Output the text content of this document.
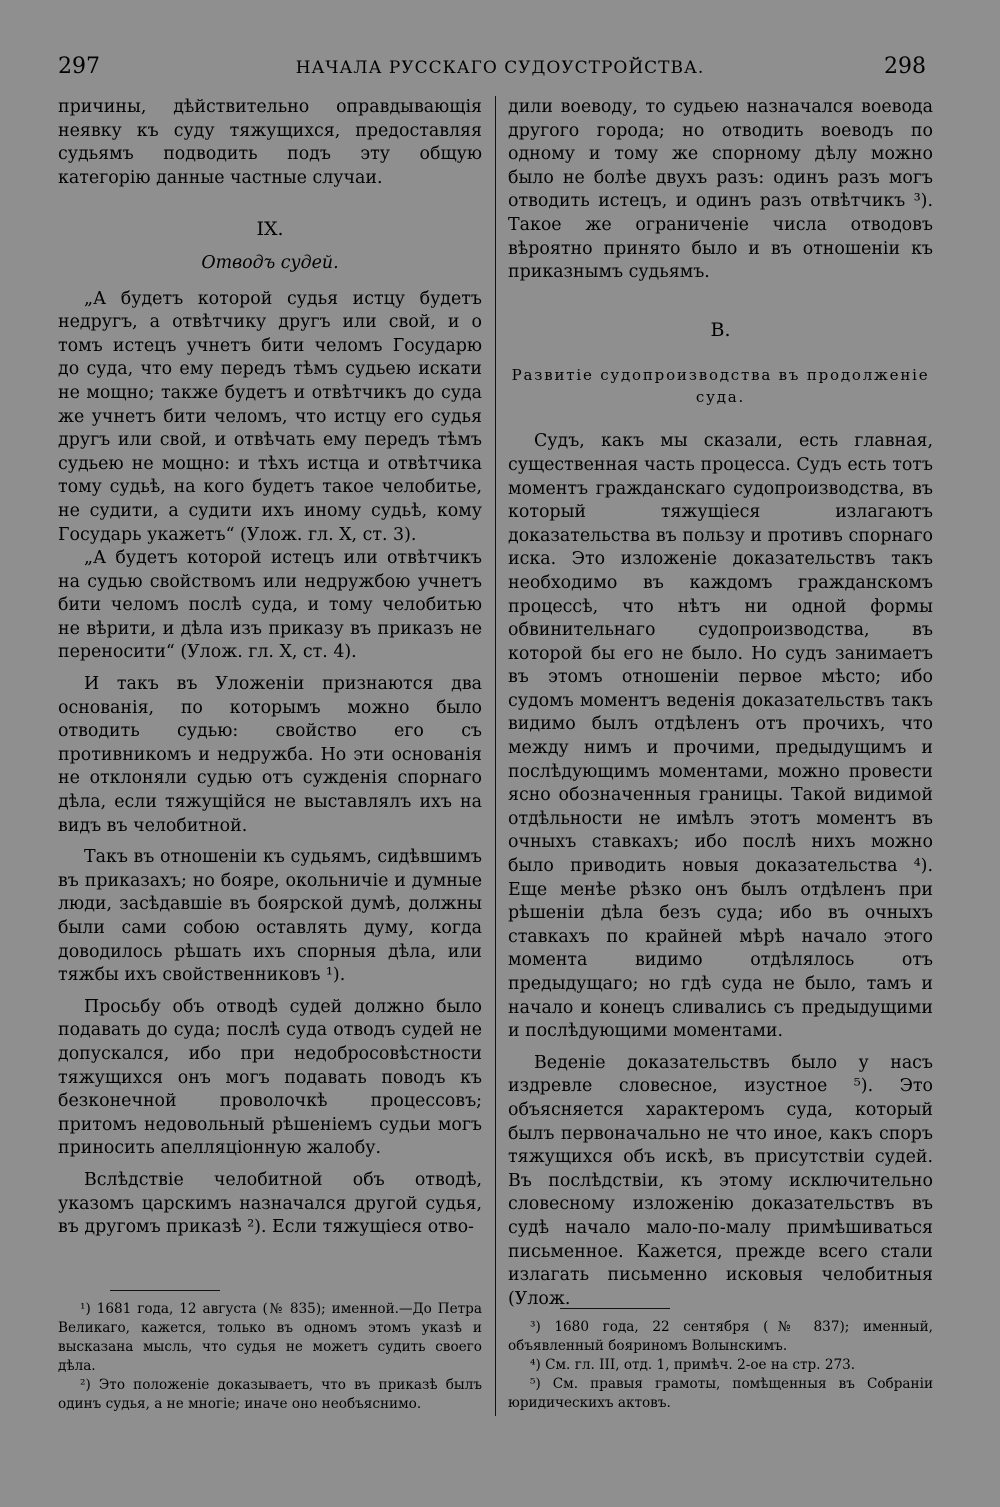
297	НАЧАЛА РУССКАГО СУДОУСТРОЙСТВА.	298

причины, дѣйствительно оправдывающія неявку къ суду тяжущихся, предоставляя судьямъ подводить подъ эту общую категорію данные частные случаи.

IX.
Отводъ судей.

„А будетъ которой судья истцу будетъ недругъ, а отвѣтчику другъ или свой, и о томъ истецъ учнетъ бити челомъ Государю до суда, что ему передъ тѣмъ судьею искати не мощно; также будетъ и отвѣтчикъ до суда же учнетъ бити челомъ, что истцу его судья другъ или свой, и отвѣчать ему передъ тѣмъ судьею не мощно: и тѣхъ истца и отвѣтчика тому судьѣ, на кого будетъ такое челобитье, не судити, а судити ихъ иному судьѣ, кому Государь укажетъ“ (Улож. гл. X, ст. 3).

„А будетъ которой истецъ или отвѣтчикъ на судью свойствомъ или недружбою учнетъ бити челомъ послѣ суда, и тому челобитью не вѣрити, и дѣла изъ приказу въ приказъ не переносити“ (Улож. гл. X, ст. 4).

И такъ въ Уложеніи признаются два основанія, по которымъ можно было отводить судью: свойство его съ противникомъ и недружба. Но эти основанія не отклоняли судью отъ сужденія спорнаго дѣла, если тяжущійся не выставлялъ ихъ на видъ въ челобитной.

Такъ въ отношеніи къ судьямъ, сидѣвшимъ въ приказахъ; но бояре, окольничіе и думные люди, засѣдавшіе въ боярской думѣ, должны были сами собою оставлять думу, когда доводилось рѣшать ихъ спорныя дѣла, или тяжбы ихъ свойственниковъ ¹).

Просьбу объ отводѣ судей должно было подавать до суда; послѣ суда отводъ судей не допускался, ибо при недобросовѣстности тяжущихся онъ могъ подавать поводъ къ безконечной проволочкѣ процессовъ; притомъ недовольный рѣшеніемъ судьи могъ приносить апелляціонную жалобу.

Вслѣдствіе челобитной объ отводѣ, указомъ царскимъ назначался другой судья, въ другомъ приказѣ ²). Если тяжущіеся отво-

дили воеводу, то судьею назначался воевода другого города; но отводить воеводъ по одному и тому же спорному дѣлу можно было не болѣе двухъ разъ: одинъ разъ могъ отводить истецъ, и одинъ разъ отвѣтчикъ ³). Такое же ограниченіе числа отводовъ вѣроятно принято было и въ отношеніи къ приказнымъ судьямъ.

B.
Развитіе судопроизводства въ продолженіе суда.

Судъ, какъ мы сказали, есть главная, существенная часть процесса. Судъ есть тотъ моментъ гражданскаго судопроизводства, въ который тяжущіеся излагаютъ доказательства въ пользу и противъ спорнаго иска. Это изложеніе доказательствъ такъ необходимо въ каждомъ гражданскомъ процессѣ, что нѣтъ ни одной формы обвинительнаго судопроизводства, въ которой бы его не было. Но судъ занимаетъ въ этомъ отношеніи первое мѣсто; ибо судомъ моментъ веденія доказательствъ такъ видимо былъ отдѣленъ отъ прочихъ, что между нимъ и прочими, предыдущимъ и послѣдующимъ моментами, можно провести ясно обозначенныя границы. Такой видимой отдѣльности не имѣлъ этотъ моментъ въ очныхъ ставкахъ; ибо послѣ нихъ можно было приводить новыя доказательства ⁴). Еще менѣе рѣзко онъ былъ отдѣленъ при рѣшеніи дѣла безъ суда; ибо въ очныхъ ставкахъ по крайней мѣрѣ начало этого момента видимо отдѣлялось отъ предыдущаго; но гдѣ суда не было, тамъ и начало и конецъ сливались съ предыдущими и послѣдующими моментами.

Веденіе доказательствъ было у насъ издревле словесное, изустное ⁵). Это объясняется характеромъ суда, который былъ первоначально не что иное, какъ споръ тяжущихся объ искѣ, въ присутствіи судей. Въ послѣдствіи, къ этому исключительно словесному изложенію доказательствъ въ судѣ начало мало-по-малу примѣшиваться письменное. Кажется, прежде всего стали излагать письменно исковыя челобитныя (Улож.

¹) 1681 года, 12 августа (№ 835); именной.—До Петра Великаго, кажется, только въ одномъ этомъ указѣ и высказана мысль, что судья не можетъ судить своего дѣла.

²) Это положеніе доказываетъ, что въ приказѣ былъ одинъ судья, а не многіе; иначе оно необъяснимо.

³) 1680 года, 22 сентября (№ 837); именный, объявленный бояриномъ Волынскимъ.

⁴) См. гл. III, отд. 1, примѣч. 2-ое на стр. 273.

⁵) См. правыя грамоты, помѣщенныя въ Собраніи юридическихъ актовъ.
